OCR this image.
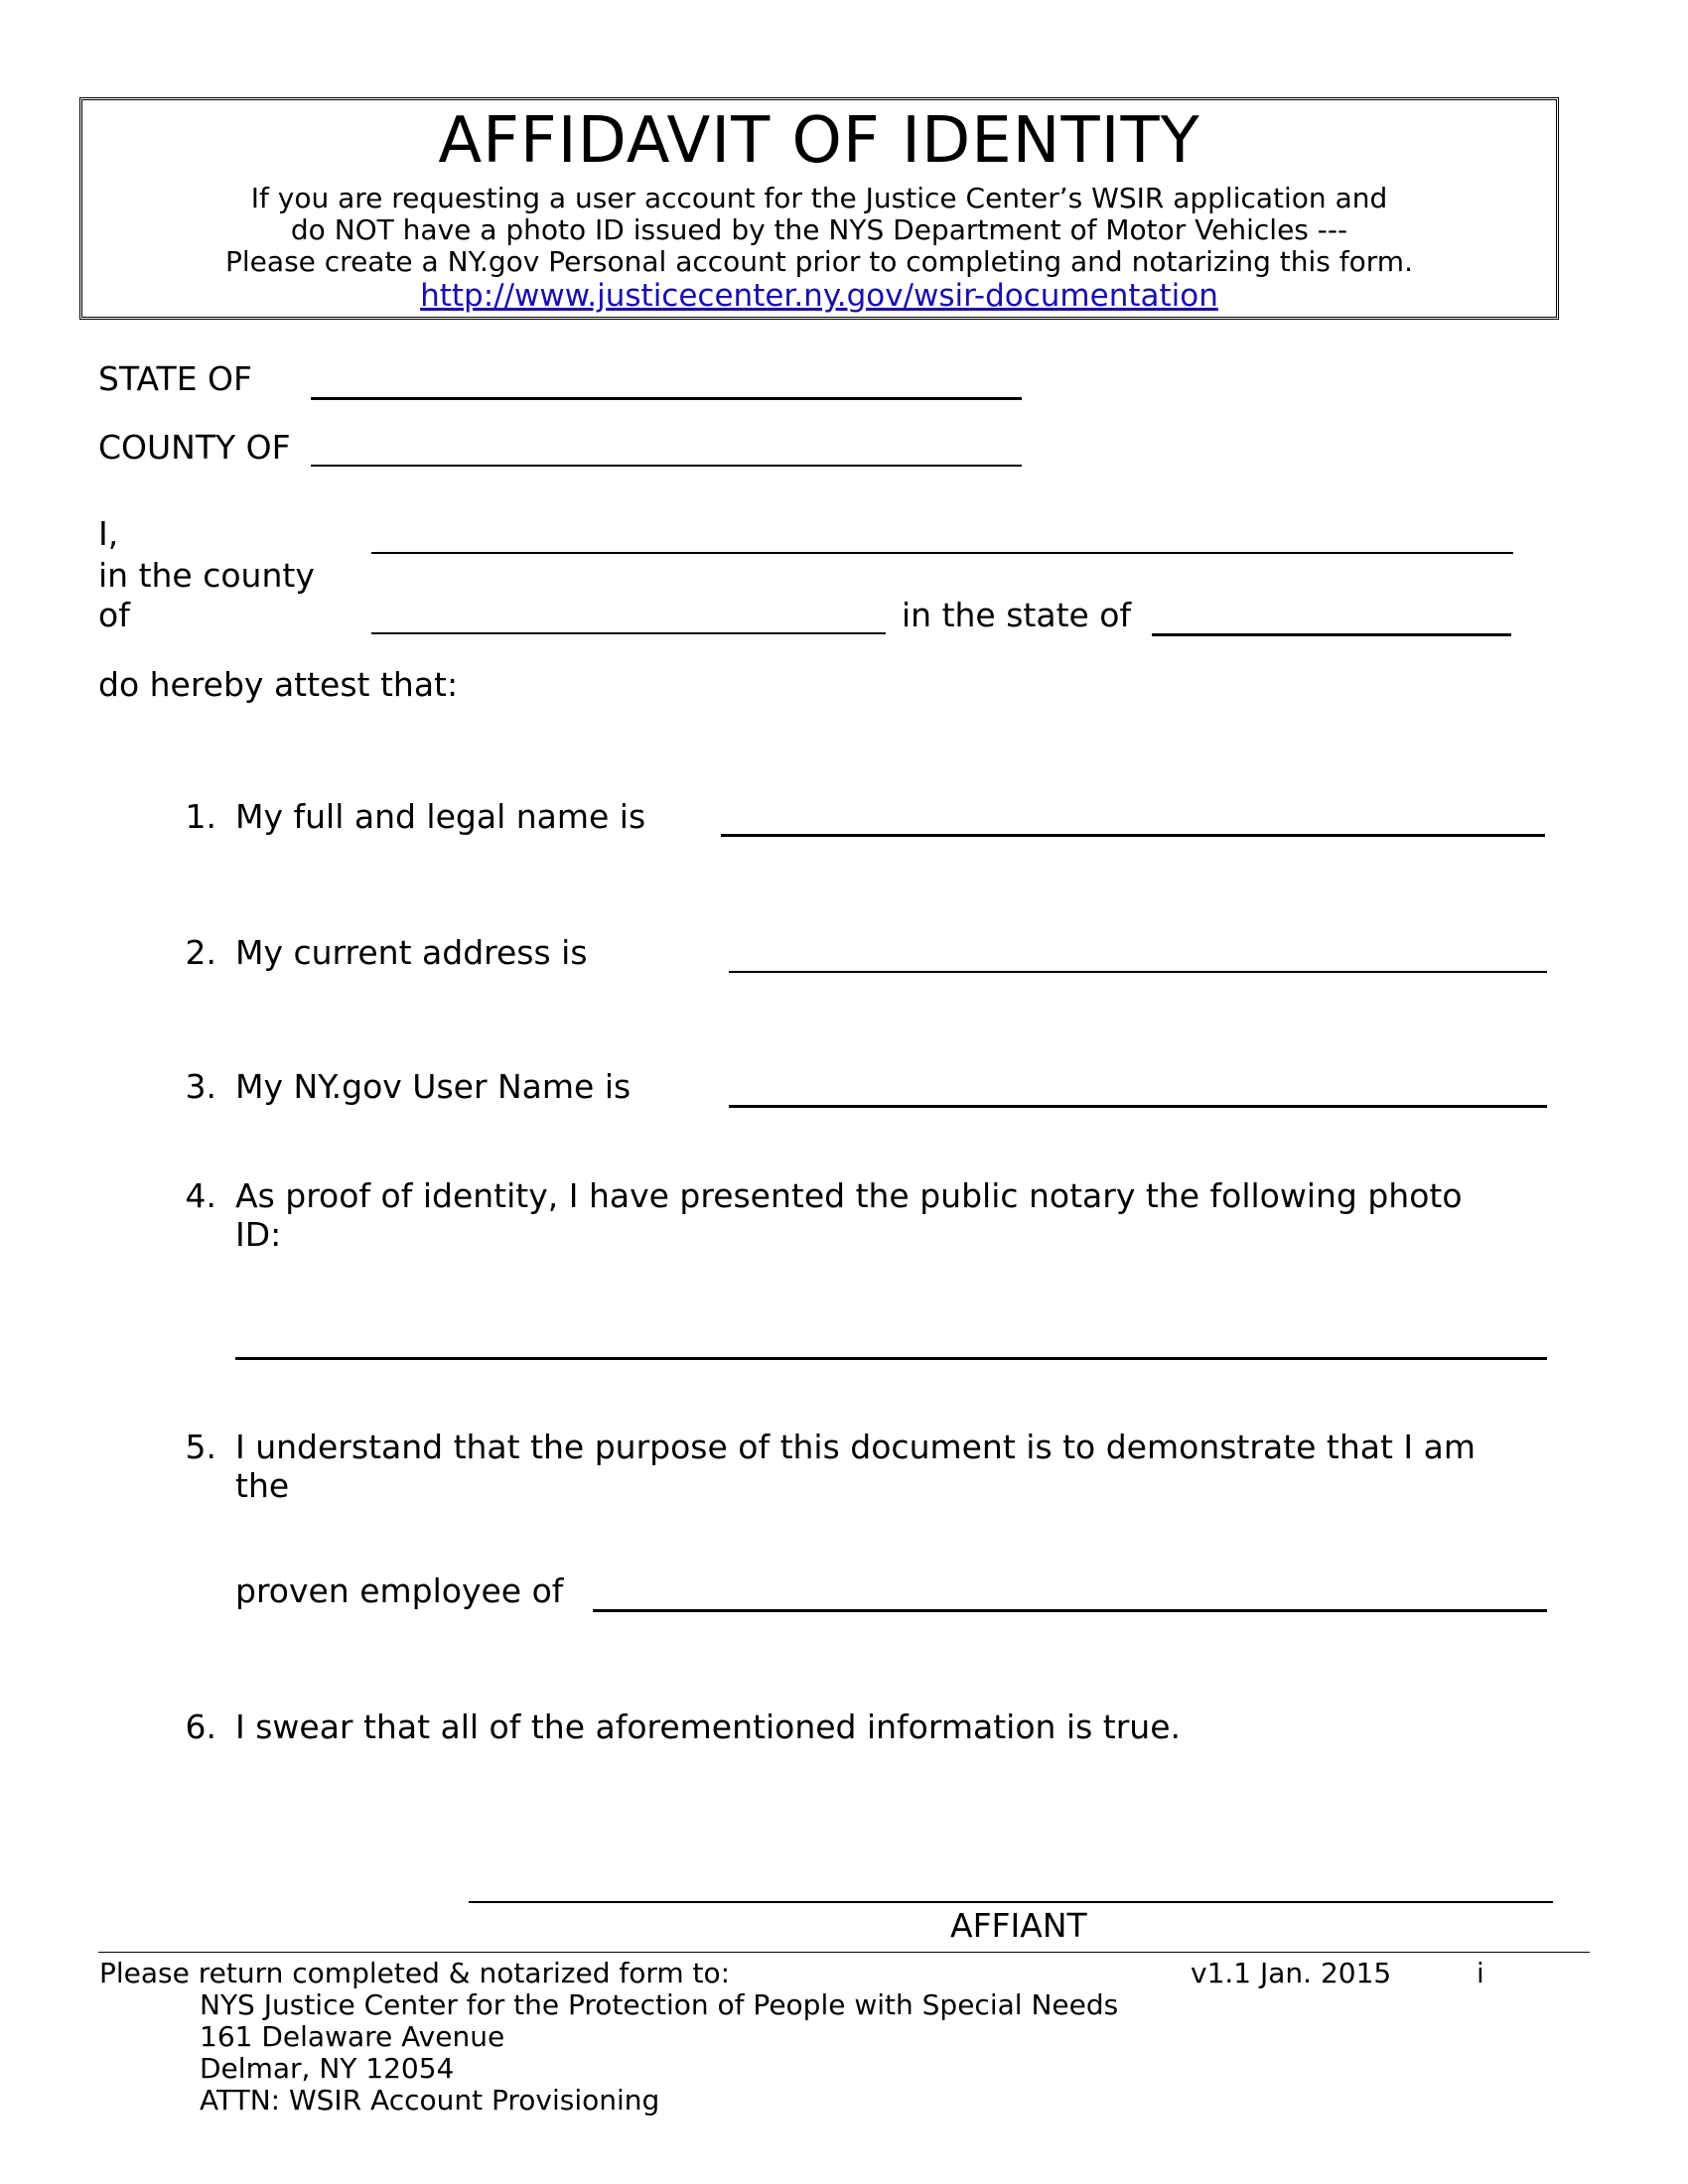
AFFIDAVIT OF IDENTITY
If you are requesting a user account for the Justice Center’s WSIR application and
do NOT have a photo ID issued by the NYS Department of Motor Vehicles ---
Please create a NY.gov Personal account prior to completing and notarizing this form.
http://www.justicecenter.ny.gov/wsir-documentation
STATE OF
COUNTY OF
I,
in the county
of	in the state of
do hereby attest that:
1. My full and legal name is
2. My current address is
3. My NY.gov User Name is
4. As proof of identity, I have presented the public notary the following photo
ID:
5. I understand that the purpose of this document is to demonstrate that I am
the
proven employee of
6. I swear that all of the aforementioned information is true.
AFFIANT
Please return completed & notarized form to:	v1.1 Jan. 2015	i
NYS Justice Center for the Protection of People with Special Needs
161 Delaware Avenue
Delmar, NY 12054
ATTN: WSIR Account Provisioning
